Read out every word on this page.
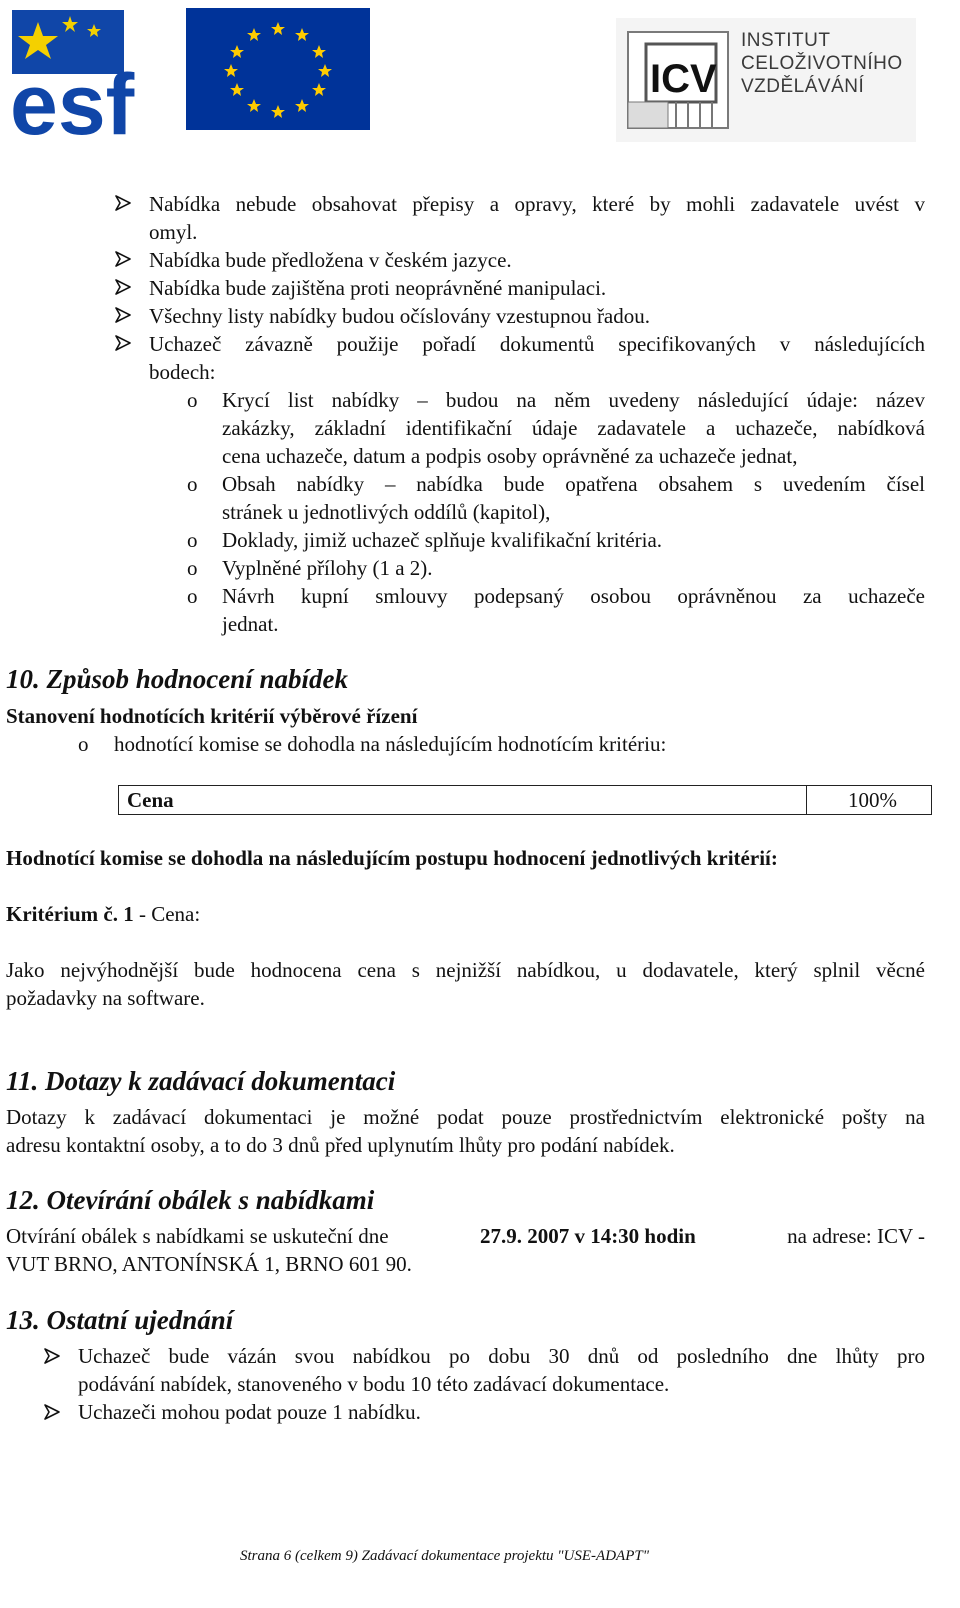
esf	ICV
INSTITUT
CELOŽIVOTNÍHO
VZDĚLÁVÁNÍ
Nabídka nebude obsahovat přepisy a opravy, které by mohli zadavatele uvést v
omyl.
Nabídka bude předložena v českém jazyce.
Nabídka bude zajištěna proti neoprávněné manipulaci.
Všechny listy nabídky budou očíslovány vzestupnou řadou.
Uchazeč závazně použije pořadí dokumentů specifikovaných v následujících
bodech:
o Krycí list nabídky – budou na něm uvedeny následující údaje: název
zakázky, základní identifikační údaje zadavatele a uchazeče, nabídková
cena uchazeče, datum a podpis osoby oprávněné za uchazeče jednat,
o Obsah nabídky – nabídka bude opatřena obsahem s uvedením čísel
stránek u jednotlivých oddílů (kapitol),
o Doklady, jimiž uchazeč splňuje kvalifikační kritéria.
o Vyplněné přílohy (1 a 2).
o Návrh kupní smlouvy podepsaný osobou oprávněnou za uchazeče
jednat.
10. Způsob hodnocení nabídek
Stanovení hodnotících kritérií výběrové řízení
o hodnotící komise se dohodla na následujícím hodnotícím kritériu:
Cena	100%
Hodnotící komise se dohodla na následujícím postupu hodnocení jednotlivých kritérií:
Kritérium č. 1 - Cena:
Jako nejvýhodnější bude hodnocena cena s nejnižší nabídkou, u dodavatele, který splnil věcné
požadavky na software.
11. Dotazy k zadávací dokumentaci
Dotazy k zadávací dokumentaci je možné podat pouze prostřednictvím elektronické pošty na
adresu kontaktní osoby, a to do 3 dnů před uplynutím lhůty pro podání nabídek.
12. Otevírání obálek s nabídkami
Otvírání obálek s nabídkami se uskuteční dne	27.9. 2007 v 14:30 hodin	na adrese: ICV -
VUT BRNO, ANTONÍNSKÁ 1, BRNO 601 90.
13. Ostatní ujednání
Uchazeč bude vázán svou nabídkou po dobu 30 dnů od posledního dne lhůty pro
podávání nabídek, stanoveného v bodu 10 této zadávací dokumentace.
Uchazeči mohou podat pouze 1 nabídku.
Strana 6 (celkem 9) Zadávací dokumentace projektu "USE-ADAPT"
